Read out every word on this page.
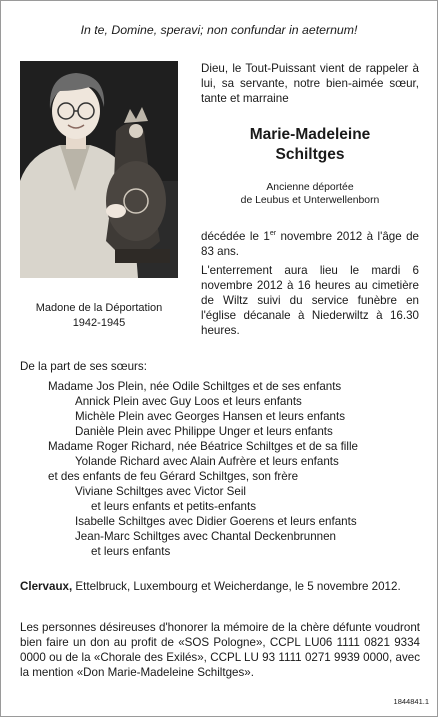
In te, Domine, speravi; non confundar in aeternum!
Madone de la Déportation
1942-1945
Dieu, le Tout-Puissant vient de rappeler à lui, sa servante, notre bien-aimée sœur, tante et marraine
Marie-Madeleine
Schiltges
Ancienne déportée
de Leubus et Unterwellenborn
décédée le 1er novembre 2012 à l'âge de 83 ans.
L'enterrement aura lieu le mardi 6 novembre 2012 à 16 heures au cimetière de Wiltz suivi du service funèbre en l'église décanale à Niederwiltz à 16.30 heures.
De la part de ses sœurs:
Madame Jos Plein, née Odile Schiltges et de ses enfants
Annick Plein avec Guy Loos et leurs enfants
Michèle Plein avec Georges Hansen et leurs enfants
Danièle Plein avec Philippe Unger et leurs enfants
Madame Roger Richard, née Béatrice Schiltges et de sa fille
Yolande Richard avec Alain Aufrère et leurs enfants
et des enfants de feu Gérard Schiltges, son frère
Viviane Schiltges avec Victor Seil
et leurs enfants et petits-enfants
Isabelle Schiltges avec Didier Goerens et leurs enfants
Jean-Marc Schiltges avec Chantal Deckenbrunnen
et leurs enfants
Clervaux, Ettelbruck, Luxembourg et Weicherdange, le 5 novembre 2012.
Les personnes désireuses d'honorer la mémoire de la chère défunte voudront bien faire un don au profit de «SOS Pologne», CCPL LU06 1111 0821 9334 0000 ou de la «Chorale des Exilés», CCPL LU 93 1111 0271 9939 0000, avec la mention «Don Marie-Madeleine Schiltges».
1844841.1
